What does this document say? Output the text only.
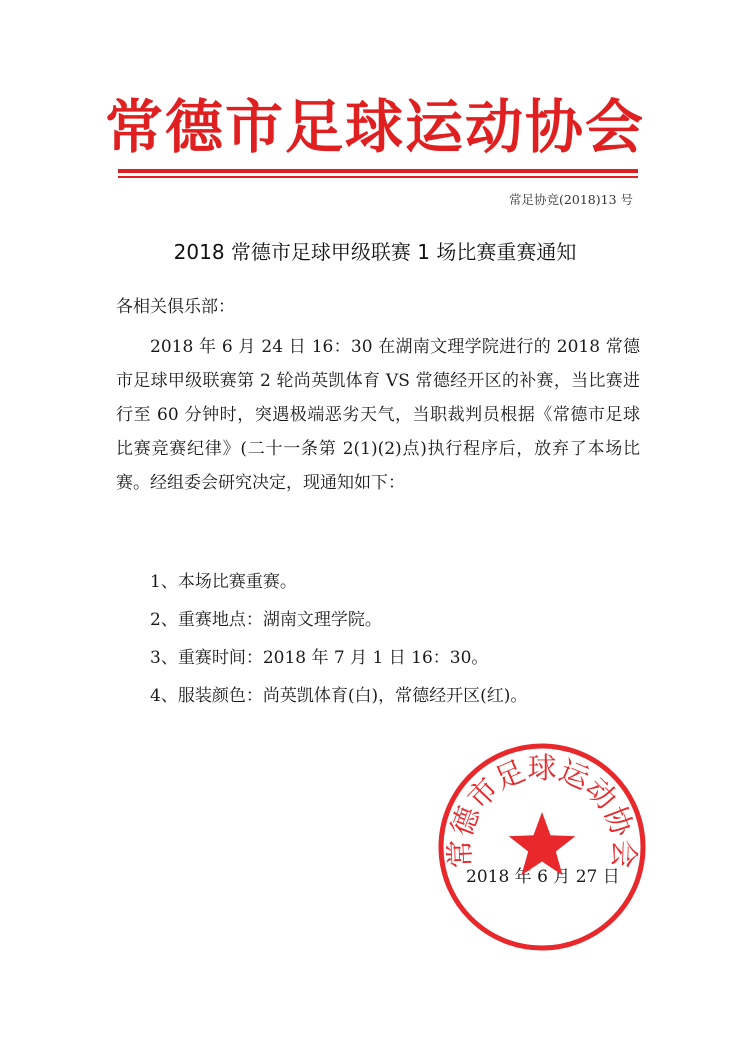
常德市足球运动协会
常足协竞(2018)13 号
2018 常德市足球甲级联赛 1 场比赛重赛通知
各相关俱乐部：
2018 年 6 月 24 日 16：30 在湖南文理学院进行的 2018 常德市足球甲级联赛第 2 轮尚英凯体育 VS 常德经开区的补赛，当比赛进行至 60 分钟时，突遇极端恶劣天气，当职裁判员根据《常德市足球比赛竞赛纪律》(二十一条第 2(1)(2)点)执行程序后，放弃了本场比赛。经组委会研究决定，现通知如下：
1、本场比赛重赛。
2、重赛地点：湖南文理学院。
3、重赛时间：2018 年 7 月 1 日 16：30。
4、服装颜色：尚英凯体育(白)，常德经开区(红)。
2018 年 6 月 27 日
常德市足球运动协会
